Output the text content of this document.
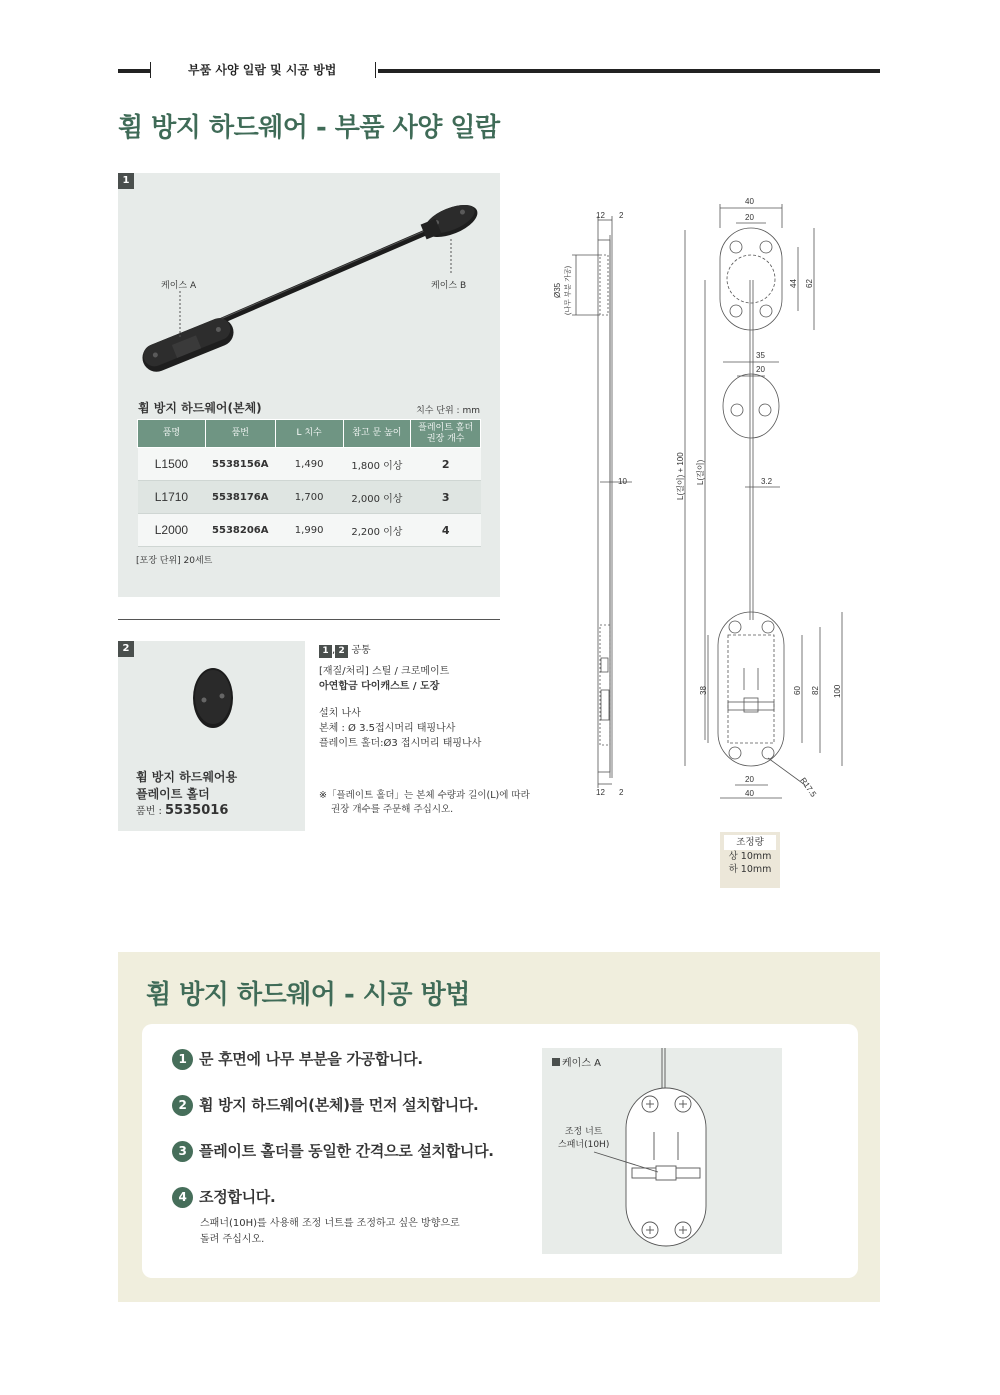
부품 사양 일람 및 시공 방법
휨 방지 하드웨어 - 부품 사양 일람
1
케이스 A	케이스 B
휨 방지 하드웨어(본체)	치수 단위 : mm
품명	품번	L 치수	참고 문 높이	플레이트 홀더
권장 개수
L1500	5538156A	1,490	1,800 이상	2
L1710	5538176A	1,700	2,000 이상	3
L2000	5538206A	1,990	2,200 이상	4
[포장 단위] 20세트
2
휨 방지 하드웨어용
플레이트 홀더
품번 : 5535016
1 , 2 공통
[재질/처리] 스틸 / 크로메이트
아연합금 다이캐스트 / 도장
설치 나사
본체 : Ø 3.5접시머리 태핑나사
플레이트 홀더:Ø3 접시머리 태핑나사
※「플레이트 홀더」는 본체 수량과 길이(L)에 따라
권장 개수를 주문해 주십시오.
12 2
10
12 2
Ø35 (나무 부분 가공)
40
20
44 62
35
20
3.2
L(길이) + 100 L(길이)
38	60 82 100
20
40	R17.5
조정량
상 10mm
하 10mm
휨 방지 하드웨어 - 시공 방법
1 문 후면에 나무 부분을 가공합니다.
2 휨 방지 하드웨어(본체)를 먼저 설치합니다.
3 플레이트 홀더를 동일한 간격으로 설치합니다.
4 조정합니다.
스패너(10H)를 사용해 조정 너트를 조정하고 싶은 방향으로
돌려 주십시오.
케이스 A
조정 너트
스패너(10H)
